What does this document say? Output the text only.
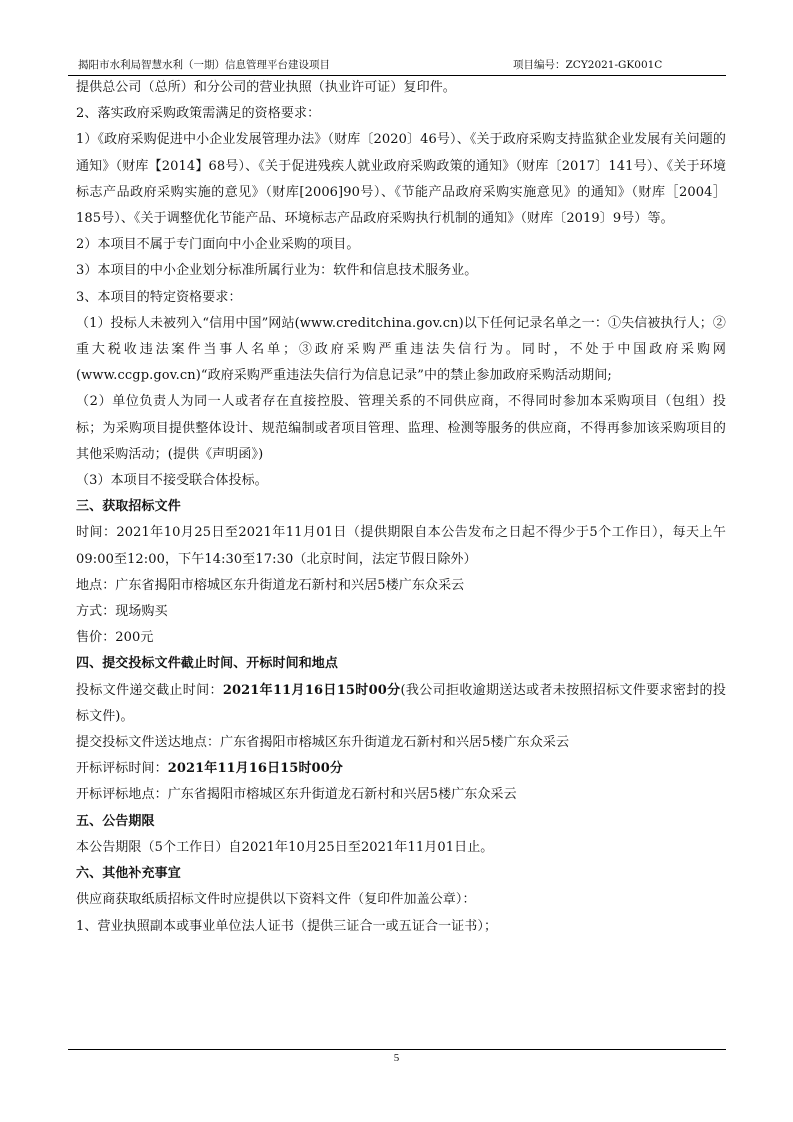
揭阳市水利局智慧水利（一期）信息管理平台建设项目	项目编号：ZCY2021-GK001C

提供总公司（总所）和分公司的营业执照（执业许可证）复印件。

2、落实政府采购政策需满足的资格要求：

1）《政府采购促进中小企业发展管理办法》（财库〔2020〕46号）、《关于政府采购支持监狱企业发展有关问题的通知》（财库【2014】68号）、《关于促进残疾人就业政府采购政策的通知》（财库〔2017〕141号）、《关于环境标志产品政府采购实施的意见》（财库[2006]90号）、《节能产品政府采购实施意见》的通知》（财库［2004］185号）、《关于调整优化节能产品、环境标志产品政府采购执行机制的通知》（财库〔2019〕9号）等。

2）本项目不属于专门面向中小企业采购的项目。

3）本项目的中小企业划分标准所属行业为：软件和信息技术服务业。

3、本项目的特定资格要求：

（1）投标人未被列入“信用中国”网站(www.creditchina.gov.cn)以下任何记录名单之一：①失信被执行人；②重大税收违法案件当事人名单；③政府采购严重违法失信行为。同时，不处于中国政府采购网(www.ccgp.gov.cn)“政府采购严重违法失信行为信息记录”中的禁止参加政府采购活动期间;

（2）单位负责人为同一人或者存在直接控股、管理关系的不同供应商，不得同时参加本采购项目（包组）投标；为采购项目提供整体设计、规范编制或者项目管理、监理、检测等服务的供应商，不得再参加该采购项目的其他采购活动；(提供《声明函》)

（3）本项目不接受联合体投标。

三、获取招标文件

时间：2021年10月25日至2021年11月01日（提供期限自本公告发布之日起不得少于5个工作日），每天上午09:00至12:00，下午14:30至17:30（北京时间，法定节假日除外）

地点：广东省揭阳市榕城区东升街道龙石新村和兴居5楼广东众采云

方式：现场购买

售价：200元

四、提交投标文件截止时间、开标时间和地点

投标文件递交截止时间：2021年11月16日15时00分(我公司拒收逾期送达或者未按照招标文件要求密封的投标文件)。

提交投标文件送达地点：广东省揭阳市榕城区东升街道龙石新村和兴居5楼广东众采云

开标评标时间：2021年11月16日15时00分

开标评标地点：广东省揭阳市榕城区东升街道龙石新村和兴居5楼广东众采云

五、公告期限

本公告期限（5个工作日）自2021年10月25日至2021年11月01日止。

六、其他补充事宜

供应商获取纸质招标文件时应提供以下资料文件（复印件加盖公章）：

1、营业执照副本或事业单位法人证书（提供三证合一或五证合一证书）；

5
